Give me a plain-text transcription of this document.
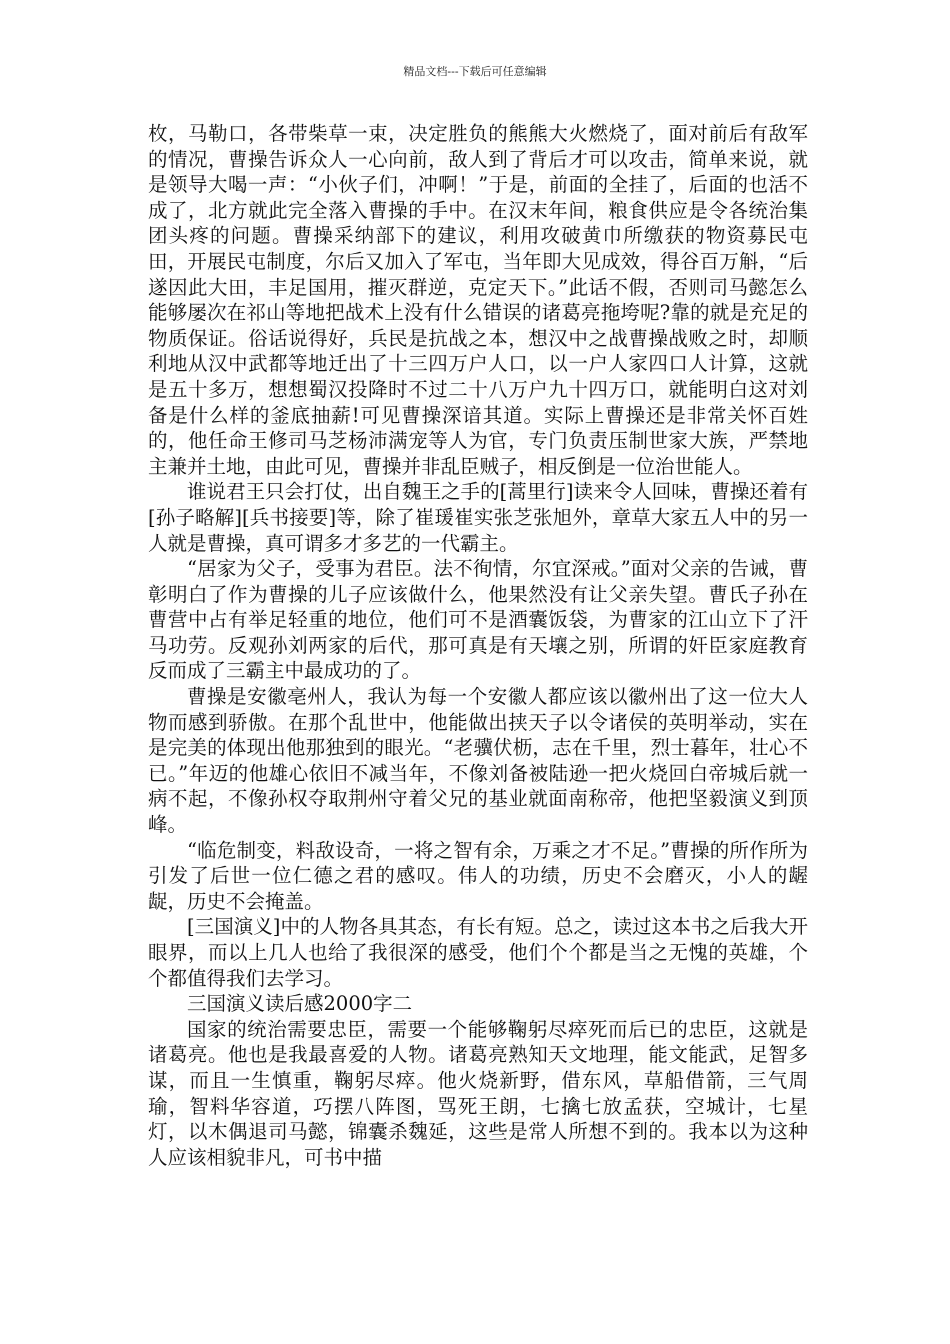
精品文档---下载后可任意编辑

枚，马勒口，各带柴草一束，决定胜负的熊熊大火燃烧了，面对前后有敌军的情况，曹操告诉众人一心向前，敌人到了背后才可以攻击，简单来说，就是领导大喝一声：“小伙子们，冲啊！”于是，前面的全挂了，后面的也活不成了，北方就此完全落入曹操的手中。在汉末年间，粮食供应是令各统治集团头疼的问题。曹操采纳部下的建议，利用攻破黄巾所缴获的物资募民屯田，开展民屯制度，尔后又加入了军屯，当年即大见成效，得谷百万斛，“后遂因此大田，丰足国用，摧灭群逆，克定天下。”此话不假，否则司马懿怎么能够屡次在祁山等地把战术上没有什么错误的诸葛亮拖垮呢?靠的就是充足的物质保证。俗话说得好，兵民是抗战之本，想汉中之战曹操战败之时，却顺利地从汉中武都等地迁出了十三四万户人口，以一户人家四口人计算，这就是五十多万，想想蜀汉投降时不过二十八万户九十四万口，就能明白这对刘备是什么样的釜底抽薪!可见曹操深谙其道。实际上曹操还是非常关怀百姓的，他任命王修司马芝杨沛满宠等人为官，专门负责压制世家大族，严禁地主兼并土地，由此可见，曹操并非乱臣贼子，相反倒是一位治世能人。

谁说君王只会打仗，出自魏王之手的[蒿里行]读来令人回味，曹操还着有[孙子略解][兵书接要]等，除了崔瑗崔实张芝张旭外，章草大家五人中的另一人就是曹操，真可谓多才多艺的一代霸主。

“居家为父子，受事为君臣。法不徇情，尔宜深戒。”面对父亲的告诫，曹彰明白了作为曹操的儿子应该做什么，他果然没有让父亲失望。曹氏子孙在曹营中占有举足轻重的地位，他们可不是酒囊饭袋，为曹家的江山立下了汗马功劳。反观孙刘两家的后代，那可真是有天壤之别，所谓的奸臣家庭教育反而成了三霸主中最成功的了。

曹操是安徽亳州人，我认为每一个安徽人都应该以徽州出了这一位大人物而感到骄傲。在那个乱世中，他能做出挟天子以令诸侯的英明举动，实在是完美的体现出他那独到的眼光。“老骥伏枥，志在千里，烈士暮年，壮心不已。”年迈的他雄心依旧不减当年，不像刘备被陆逊一把火烧回白帝城后就一病不起，不像孙权夺取荆州守着父兄的基业就面南称帝，他把坚毅演义到顶峰。

“临危制变，料敌设奇，一将之智有余，万乘之才不足。”曹操的所作所为引发了后世一位仁德之君的感叹。伟人的功绩，历史不会磨灭，小人的龌龊，历史不会掩盖。

[三国演义]中的人物各具其态，有长有短。总之，读过这本书之后我大开眼界，而以上几人也给了我很深的感受，他们个个都是当之无愧的英雄，个个都值得我们去学习。

三国演义读后感2000字二

国家的统治需要忠臣，需要一个能够鞠躬尽瘁死而后已的忠臣，这就是诸葛亮。他也是我最喜爱的人物。诸葛亮熟知天文地理，能文能武，足智多谋，而且一生慎重，鞠躬尽瘁。他火烧新野，借东风，草船借箭，三气周瑜，智料华容道，巧摆八阵图，骂死王朗，七擒七放孟获，空城计，七星灯，以木偶退司马懿，锦囊杀魏延，这些是常人所想不到的。我本以为这种人应该相貌非凡，可书中描
